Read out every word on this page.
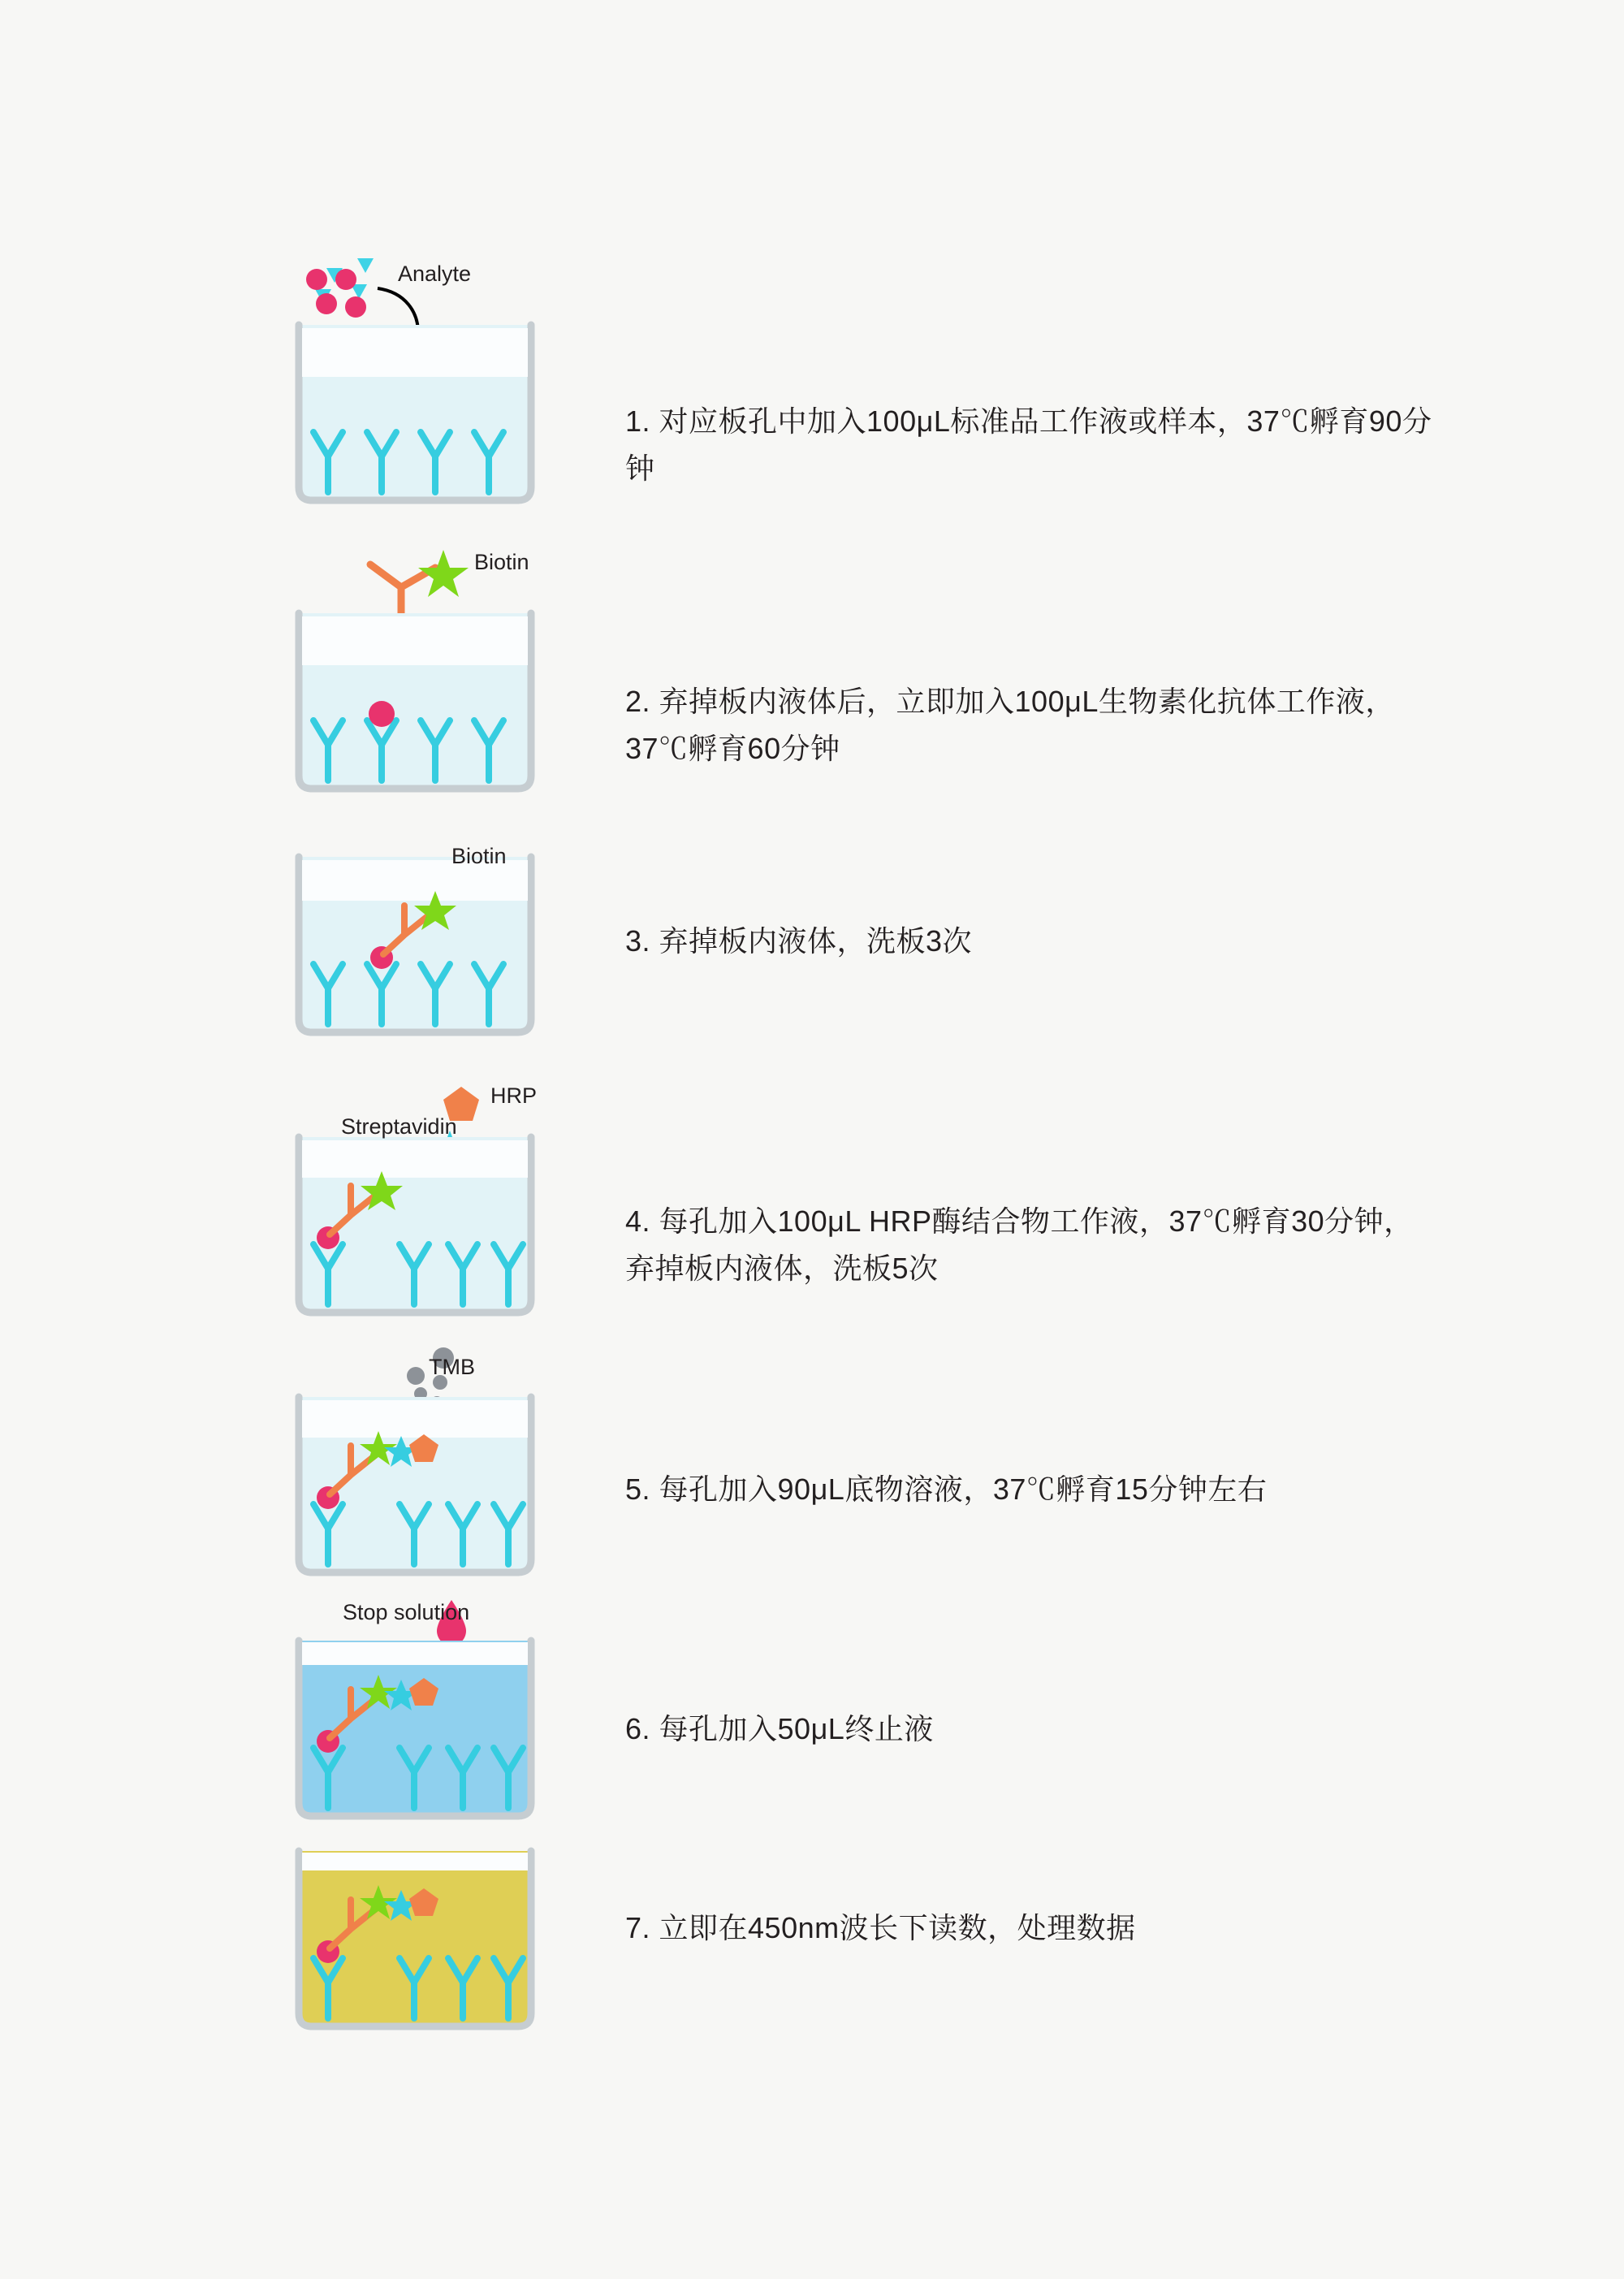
Analyte
1. 对应板孔中加入100μL标准品工作液或样本，37℃孵育90分钟
Biotin
2. 弃掉板内液体后，立即加入100μL生物素化抗体工作液，37℃孵育60分钟
Biotin
3. 弃掉板内液体，洗板3次
Streptavidin
HRP
4. 每孔加入100μL HRP酶结合物工作液，37℃孵育30分钟，弃掉板内液体，洗板5次
TMB
5. 每孔加入90μL底物溶液，37℃孵育15分钟左右
Stop solution
6. 每孔加入50μL终止液
7. 立即在450nm波长下读数，处理数据
